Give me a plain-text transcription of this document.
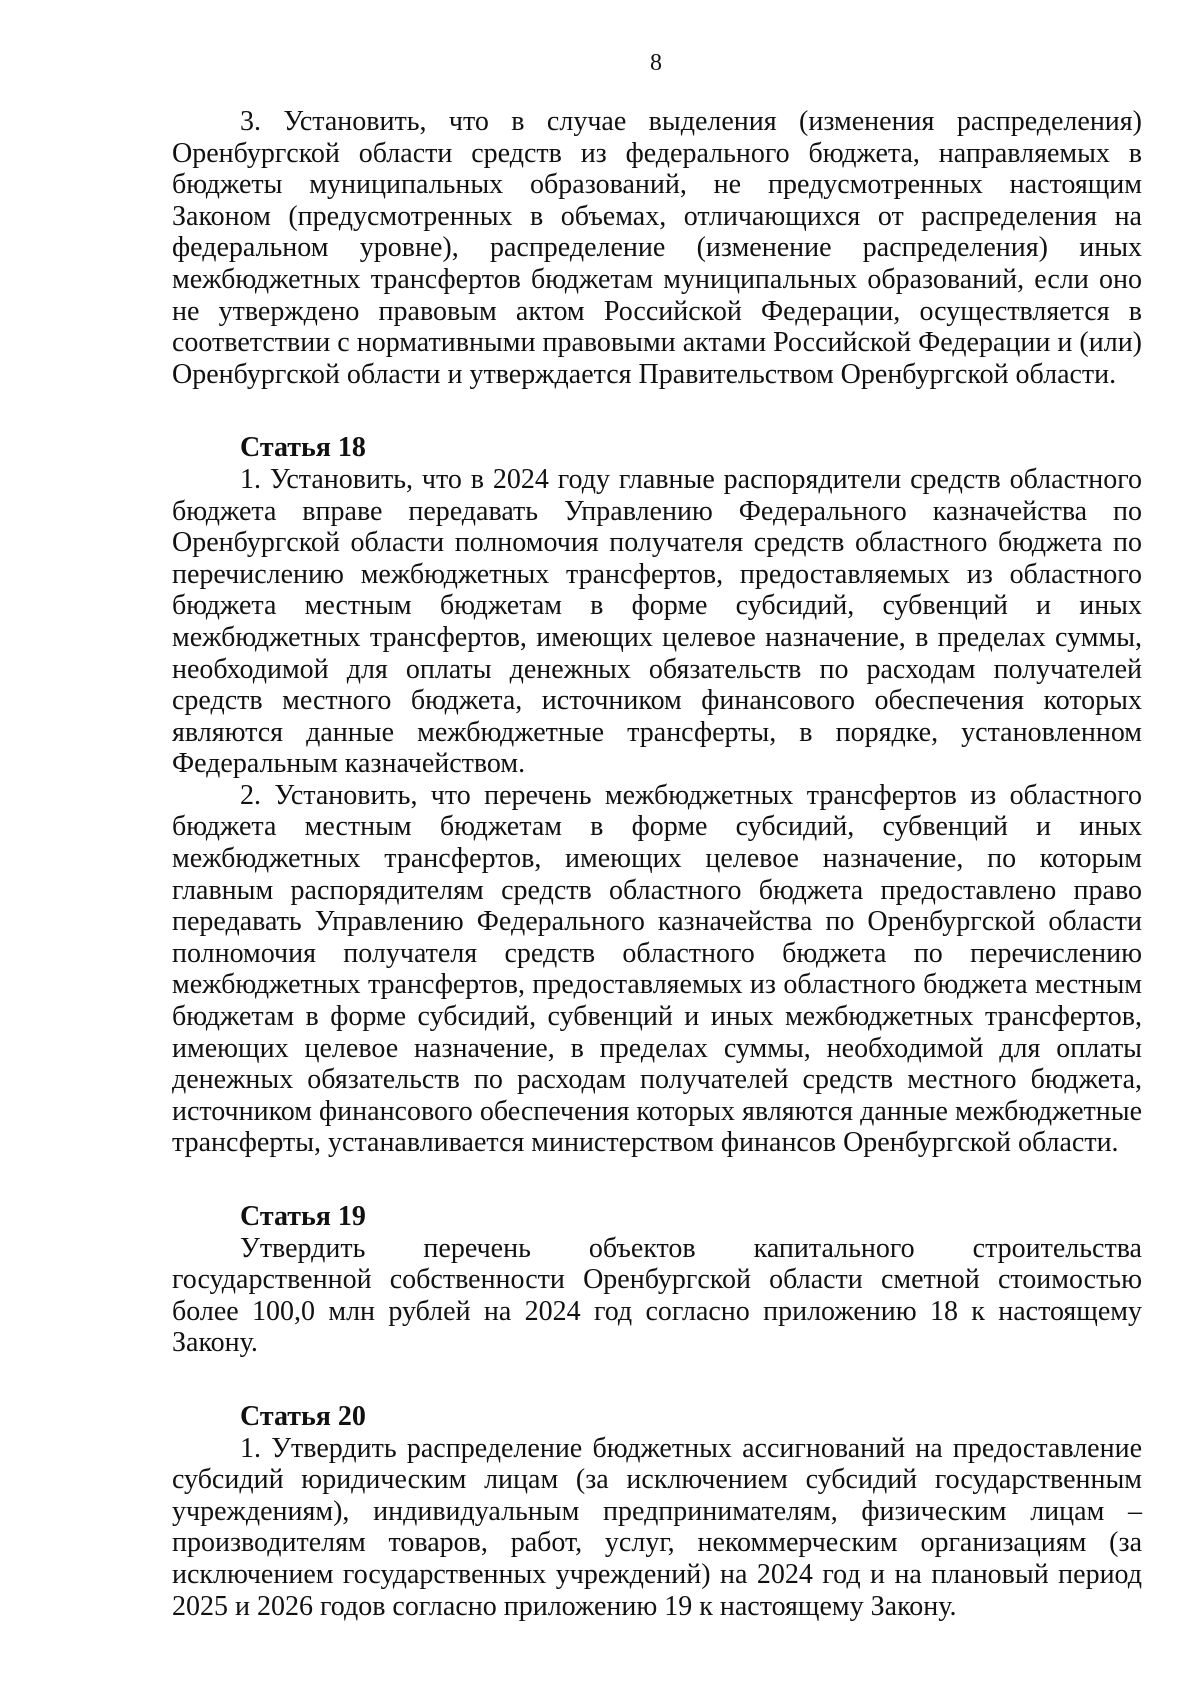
8

3. Установить, что в случае выделения (изменения распределения) Оренбургской области средств из федерального бюджета, направляемых в бюджеты муниципальных образований, не предусмотренных настоящим Законом (предусмотренных в объемах, отличающихся от распределения на федеральном уровне), распределение (изменение распределения) иных межбюджетных трансфертов бюджетам муниципальных образований, если оно не утверждено правовым актом Российской Федерации, осуществляется в соответствии с нормативными правовыми актами Российской Федерации и (или) Оренбургской области и утверждается Правительством Оренбургской области.

Статья 18

1. Установить, что в 2024 году главные распорядители средств областного бюджета вправе передавать Управлению Федерального казначейства по Оренбургской области полномочия получателя средств областного бюджета по перечислению межбюджетных трансфертов, предоставляемых из областного бюджета местным бюджетам в форме субсидий, субвенций и иных межбюджетных трансфертов, имеющих целевое назначение, в пределах суммы, необходимой для оплаты денежных обязательств по расходам получателей средств местного бюджета, источником финансового обеспечения которых являются данные межбюджетные трансферты, в порядке, установленном Федеральным казначейством.

2. Установить, что перечень межбюджетных трансфертов из областного бюджета местным бюджетам в форме субсидий, субвенций и иных межбюджетных трансфертов, имеющих целевое назначение, по которым главным распорядителям средств областного бюджета предоставлено право передавать Управлению Федерального казначейства по Оренбургской области полномочия получателя средств областного бюджета по перечислению межбюджетных трансфертов, предоставляемых из областного бюджета местным бюджетам в форме субсидий, субвенций и иных межбюджетных трансфертов, имеющих целевое назначение, в пределах суммы, необходимой для оплаты денежных обязательств по расходам получателей средств местного бюджета, источником финансового обеспечения которых являются данные межбюджетные трансферты, устанавливается министерством финансов Оренбургской области.

Статья 19

Утвердить перечень объектов капитального строительства государственной собственности Оренбургской области сметной стоимостью более 100,0 млн рублей на 2024 год согласно приложению 18 к настоящему Закону.

Статья 20

1. Утвердить распределение бюджетных ассигнований на предоставление субсидий юридическим лицам (за исключением субсидий государственным учреждениям), индивидуальным предпринимателям, физическим лицам – производителям товаров, работ, услуг, некоммерческим организациям (за исключением государственных учреждений) на 2024 год и на плановый период 2025 и 2026 годов согласно приложению 19 к настоящему Закону.
